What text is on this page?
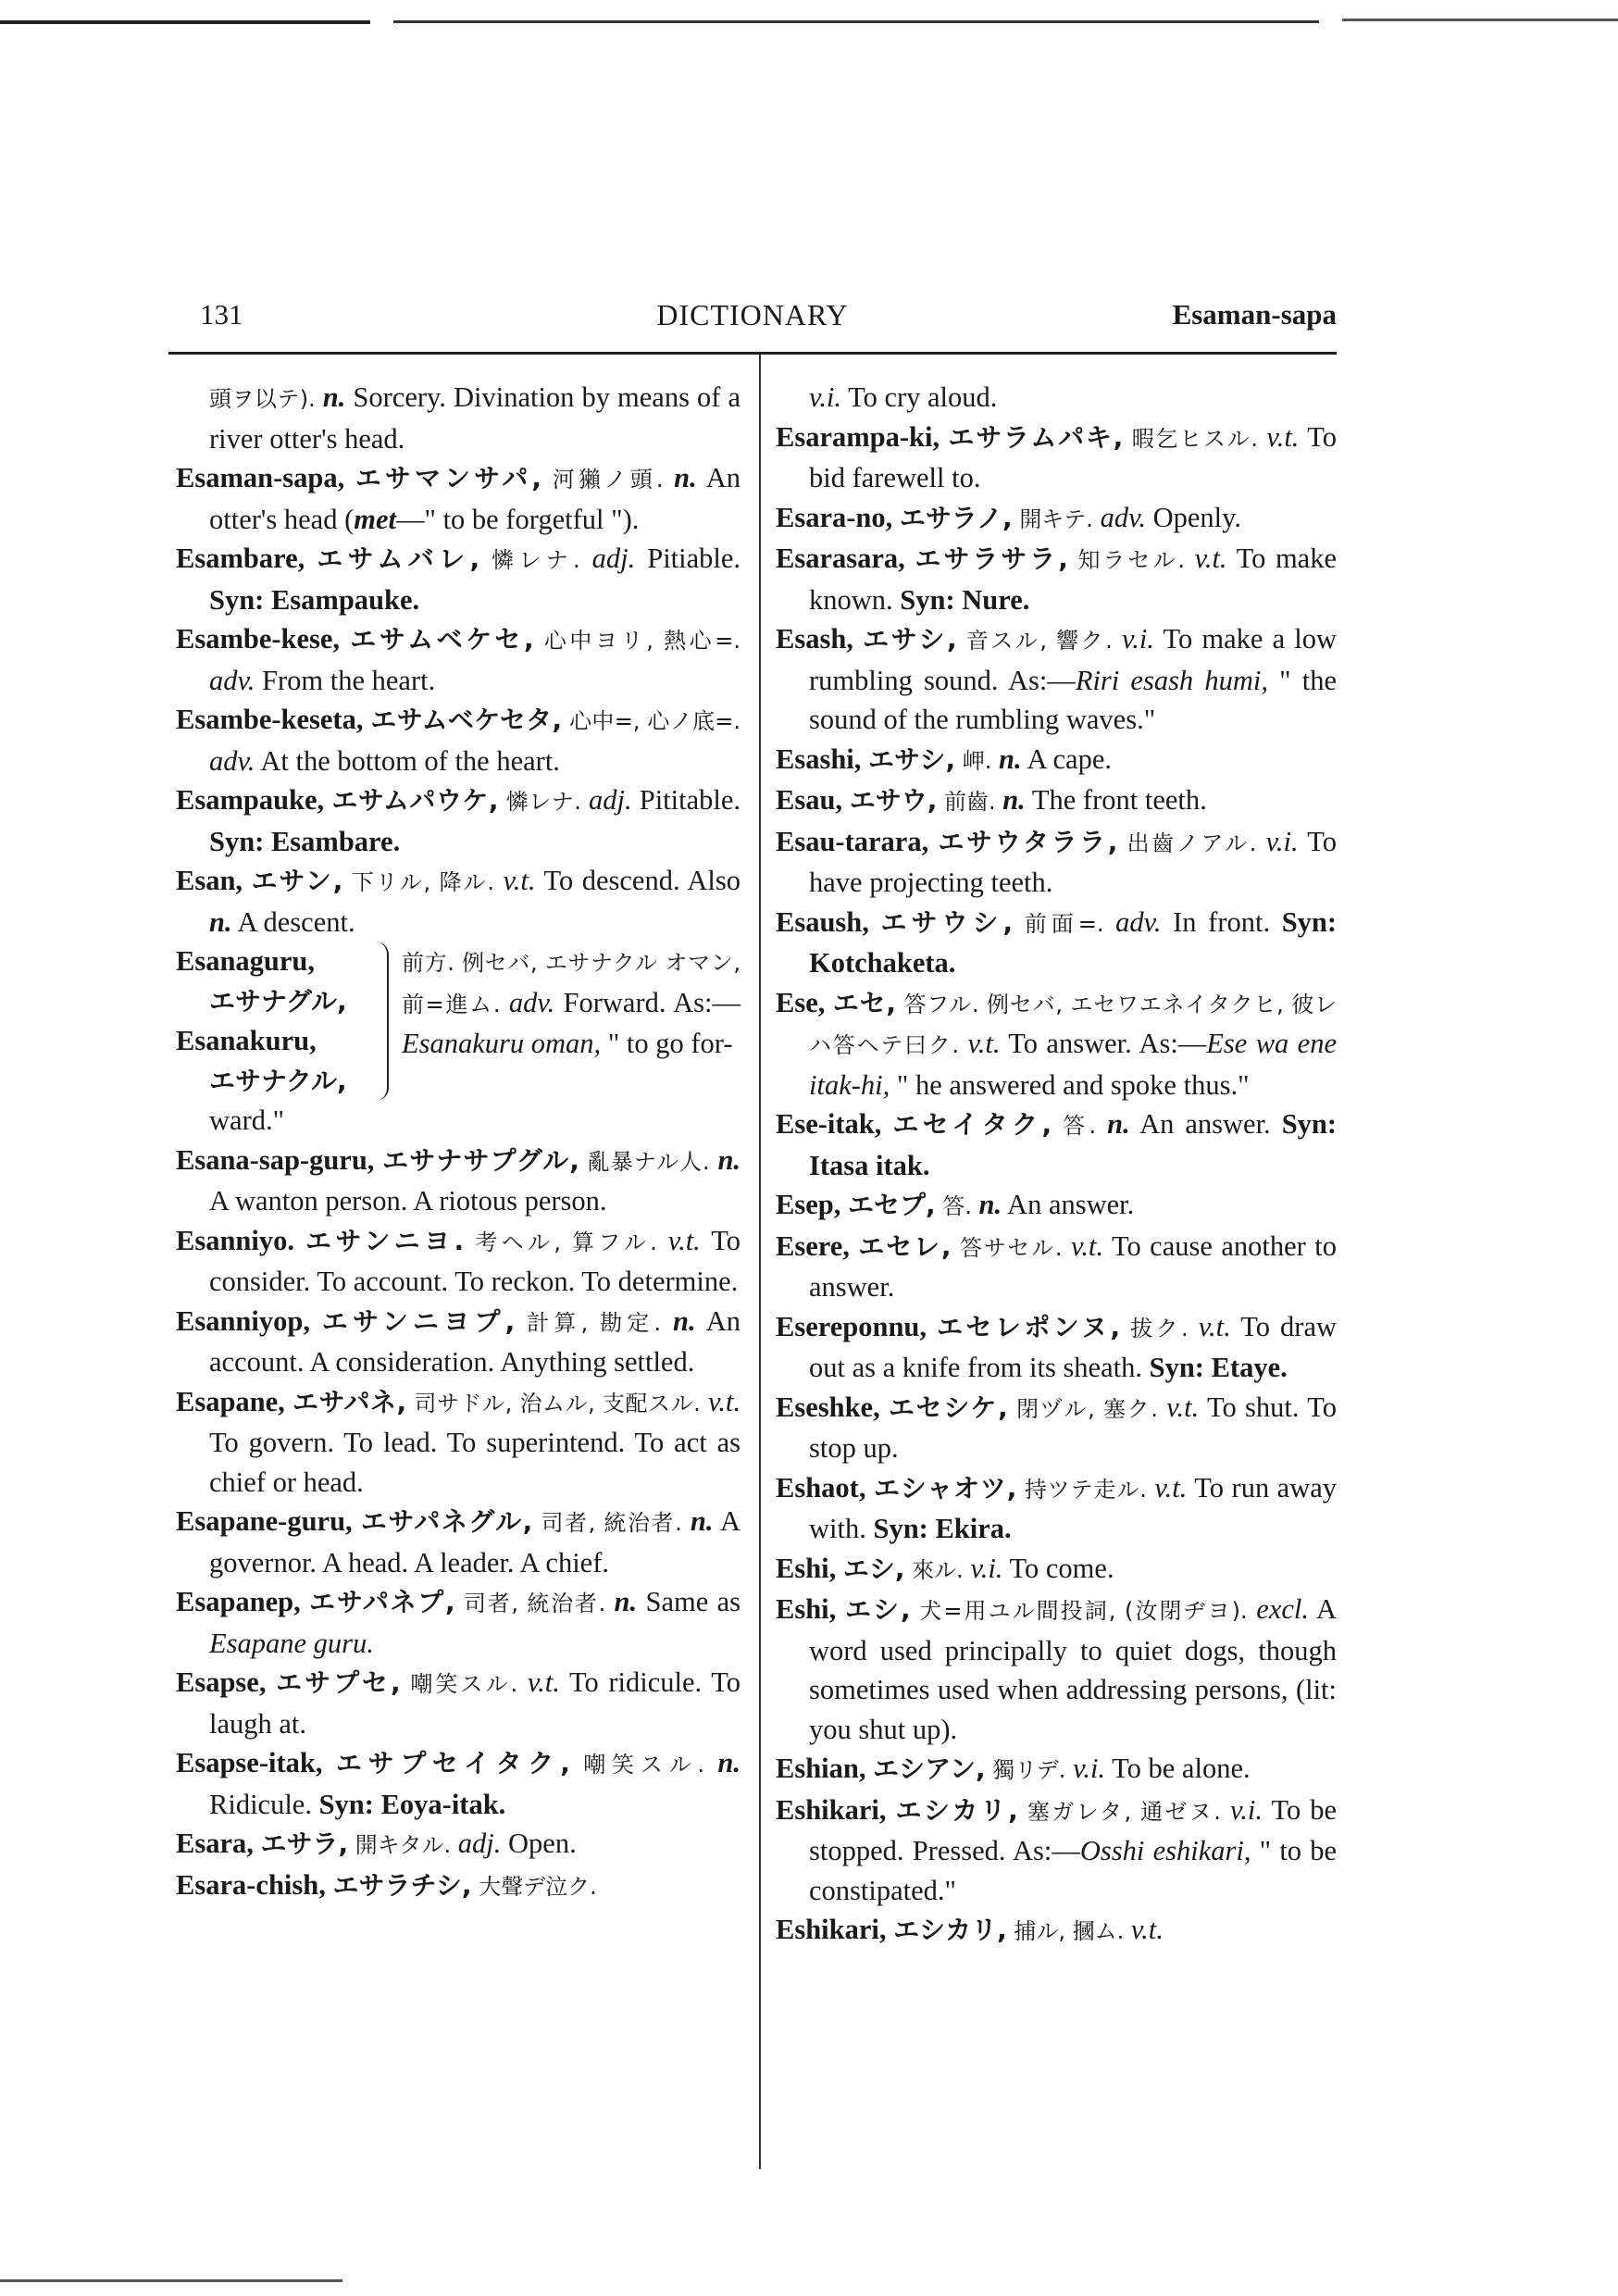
131	DICTIONARY	Esaman-sapa

頭ヲ以テ). n. Sorcery. Divination by means of a river otter's head.

Esaman-sapa, エサマンサパ, 河獺ノ頭. n. An otter's head (met—" to be forgetful ").

Esambare, エサムバレ, 憐レナ. adj. Pitiable. Syn: Esampauke.

Esambe-kese, エサムベケセ, 心中ヨリ, 熱心=. adv. From the heart.

Esambe-keseta, エサムベケセタ, 心中=, 心ノ底=. adv. At the bottom of the heart.

Esampauke, エサムパウケ, 憐レナ. adj. Pititable. Syn: Esambare.

Esan, エサン, 下リル, 降ル. v.t. To descend. Also n. A descent.

Esanaguru,
エサナグル,
Esanakuru,
エサナクル,
前方. 例セバ, エサナクル オマン, 前=進ム. adv. Forward. As:—Esanakuru oman, " to go for-

ward."

Esana-sap-guru, エサナサプグル, 亂暴ナル人. n. A wanton person. A riotous person.

Esanniyo. エサンニヨ. 考ヘル, 算フル. v.t. To consider. To account. To reckon. To determine.

Esanniyop, エサンニヨプ, 計算, 勘定. n. An account. A consideration. Anything settled.

Esapane, エサパネ, 司サドル, 治ムル, 支配スル. v.t. To govern. To lead. To superintend. To act as chief or head.

Esapane-guru, エサパネグル, 司者, 統治者. n. A governor. A head. A leader. A chief.

Esapanep, エサパネプ, 司者, 統治者. n. Same as Esapane guru.

Esapse, エサプセ, 嘲笑スル. v.t. To ridicule. To laugh at.

Esapse-itak, エサプセイタク, 嘲笑スル. n. Ridicule. Syn: Eoya-itak.

Esara, エサラ, 開キタル. adj. Open.

Esara-chish, エサラチシ, 大聲デ泣ク.

v.i. To cry aloud.

Esarampa-ki, エサラムパキ, 暇乞ヒスル. v.t. To bid farewell to.

Esara-no, エサラノ, 開キテ. adv. Openly.

Esarasara, エサラサラ, 知ラセル. v.t. To make known. Syn: Nure.

Esash, エサシ, 音スル, 響ク. v.i. To make a low rumbling sound. As:—Riri esash humi, " the sound of the rumbling waves."

Esashi, エサシ, 岬. n. A cape.

Esau, エサウ, 前齒. n. The front teeth.

Esau-tarara, エサウタララ, 出齒ノアル. v.i. To have projecting teeth.

Esaush, エサウシ, 前面=. adv. In front. Syn: Kotchaketa.

Ese, エセ, 答フル. 例セバ, エセワエネイタクヒ, 彼レハ答ヘテ曰ク. v.t. To answer. As:—Ese wa ene itak-hi, " he answered and spoke thus."

Ese-itak, エセイタク, 答. n. An answer. Syn: Itasa itak.

Esep, エセプ, 答. n. An answer.

Esere, エセレ, 答サセル. v.t. To cause another to answer.

Esereponnu, エセレポンヌ, 拔ク. v.t. To draw out as a knife from its sheath. Syn: Etaye.

Eseshke, エセシケ, 閉ヅル, 塞ク. v.t. To shut. To stop up.

Eshaot, エシャオツ, 持ツテ走ル. v.t. To run away with. Syn: Ekira.

Eshi, エシ, 來ル. v.i. To come.

Eshi, エシ, 犬=用ユル間投詞, (汝閉ヂヨ). excl. A word used principally to quiet dogs, though sometimes used when addressing persons, (lit: you shut up).

Eshian, エシアン, 獨リデ. v.i. To be alone.

Eshikari, エシカリ, 塞ガレタ, 通ゼヌ. v.i. To be stopped. Pressed. As:—Osshi eshikari, " to be constipated."

Eshikari, エシカリ, 捕ル, 摑ム. v.t.
